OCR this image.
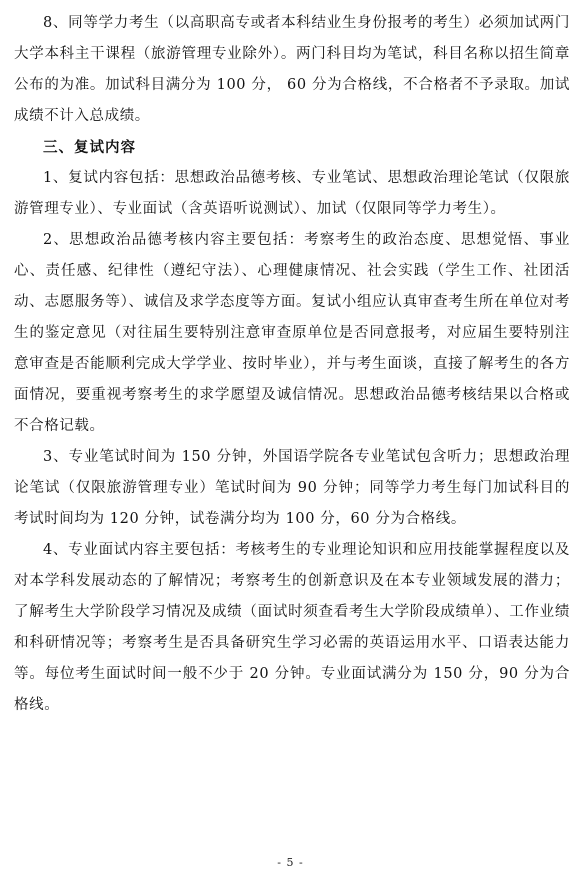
8、同等学力考生（以高职高专或者本科结业生身份报考的考生）必须加试两门大学本科主干课程（旅游管理专业除外）。两门科目均为笔试，科目名称以招生简章公布的为准。加试科目满分为 100 分， 60 分为合格线，不合格者不予录取。加试成绩不计入总成绩。

三、复试内容

1、复试内容包括：思想政治品德考核、专业笔试、思想政治理论笔试（仅限旅游管理专业）、专业面试（含英语听说测试）、加试（仅限同等学力考生）。

2、思想政治品德考核内容主要包括：考察考生的政治态度、思想觉悟、事业心、责任感、纪律性（遵纪守法）、心理健康情况、社会实践（学生工作、社团活动、志愿服务等）、诚信及求学态度等方面。复试小组应认真审查考生所在单位对考生的鉴定意见（对往届生要特别注意审查原单位是否同意报考，对应届生要特别注意审查是否能顺利完成大学学业、按时毕业），并与考生面谈，直接了解考生的各方面情况，要重视考察考生的求学愿望及诚信情况。思想政治品德考核结果以合格或不合格记载。

3、专业笔试时间为 150 分钟，外国语学院各专业笔试包含听力；思想政治理论笔试（仅限旅游管理专业）笔试时间为 90 分钟；同等学力考生每门加试科目的考试时间均为 120 分钟，试卷满分均为 100 分，60 分为合格线。

4、专业面试内容主要包括：考核考生的专业理论知识和应用技能掌握程度以及对本学科发展动态的了解情况；考察考生的创新意识及在本专业领域发展的潜力；了解考生大学阶段学习情况及成绩（面试时须查看考生大学阶段成绩单）、工作业绩和科研情况等；考察考生是否具备研究生学习必需的英语运用水平、口语表达能力等。每位考生面试时间一般不少于 20 分钟。专业面试满分为 150 分，90 分为合格线。

- 5 -
